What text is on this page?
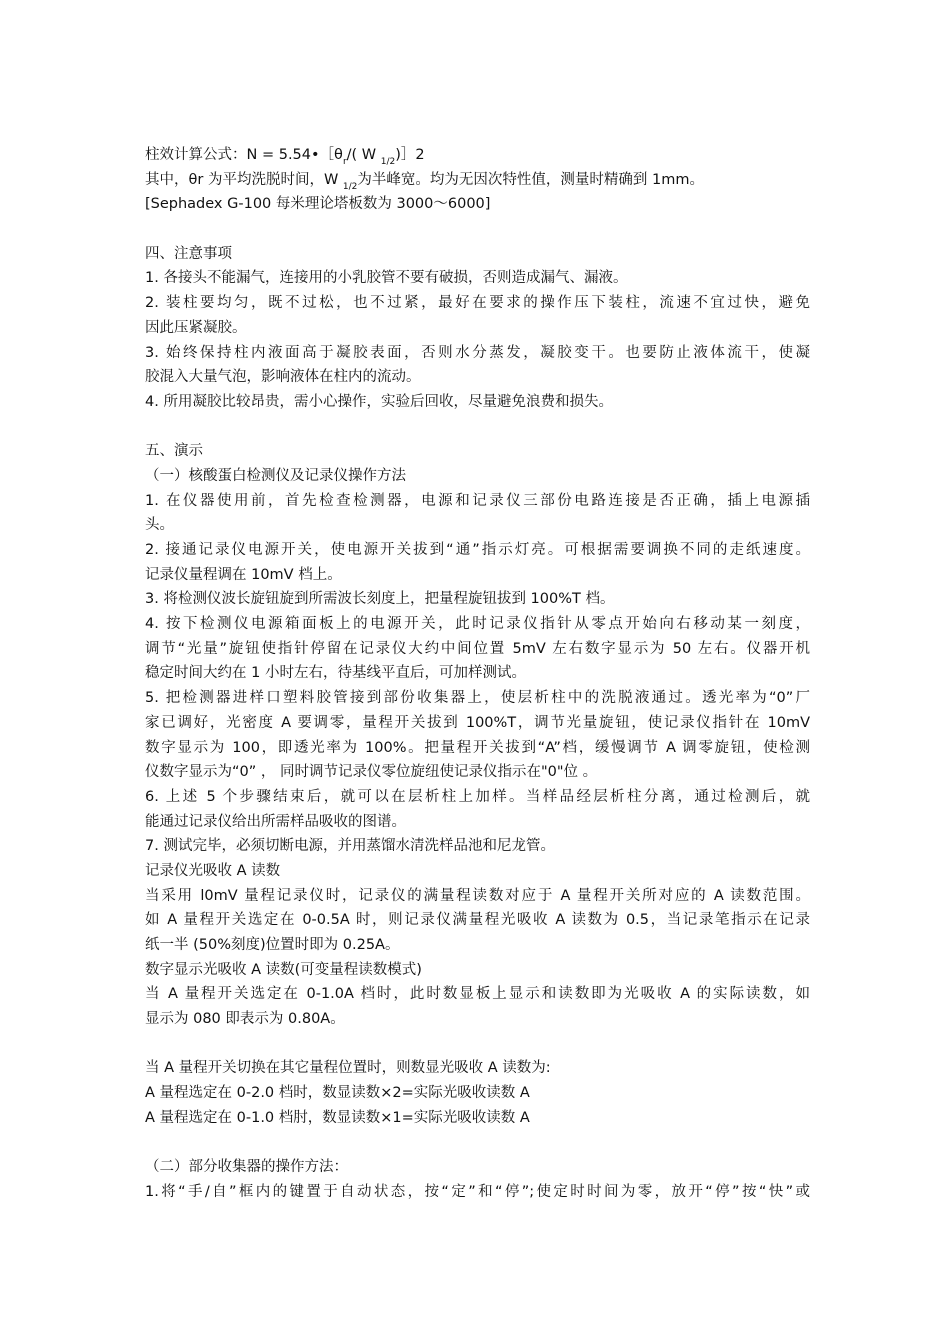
柱效计算公式：$N = 5.54•[\theta_r/$( W $_{1/2}$)］2
其中，θr 为平均洗脱时间，W $_{1/2}$为半峰宽。均为无因次特性值，测量时精确到 1mm。
[Sephadex G-100 每米理论塔板数为 3000～6000]
四、注意事项
1. 各接头不能漏气，连接用的小乳胶管不要有破损，否则造成漏气、漏液。
2. 装柱要均匀，既不过松，也不过紧，最好在要求的操作压下装柱，流速不宜过快，避免
因此压紧凝胶。
3. 始终保持柱内液面高于凝胶表面，否则水分蒸发，凝胶变干。也要防止液体流干，使凝
胶混入大量气泡，影响液体在柱内的流动。
4. 所用凝胶比较昂贵，需小心操作，实验后回收，尽量避免浪费和损失。
五、演示
（一）核酸蛋白检测仪及记录仪操作方法
1. 在仪器使用前，首先检查检测器，电源和记录仪三部份电路连接是否正确，插上电源插
头。
2. 接通记录仪电源开关，使电源开关拔到“通”指示灯亮。可根据需要调换不同的走纸速度。
记录仪量程调在 10mV 档上。
3. 将检测仪波长旋钮旋到所需波长刻度上，把量程旋钮拔到 100%T 档。
4. 按下检测仪电源箱面板上的电源开关，此时记录仪指针从零点开始向右移动某一刻度，
调节“光量”旋钮使指针停留在记录仪大约中间位置 5mV 左右数字显示为 50 左右。仪器开机
稳定时间大约在 1 小时左右，待基线平直后，可加样测试。
5. 把检测器进样口塑料胶管接到部份收集器上，使层析柱中的洗脱液通过。透光率为“0”厂
家已调好，光密度 A 要调零，量程开关拔到 100%T，调节光量旋钮，使记录仪指针在 10mV
数字显示为 100，即透光率为 100%。把量程开关拔到“A”档，缓慢调节 A 调零旋钮，使检测
仪数字显示为“0” ， 同时调节记录仪零位旋纽使记录仪指示在"0"位 。
6. 上述 5 个步骤结束后，就可以在层析柱上加样。当样品经层析柱分离，通过检测后，就
能通过记录仪给出所需样品吸收的图谱。
7. 测试完毕，必须切断电源，并用蒸馏水清洗样品池和尼龙管。
记录仪光吸收 A 读数
当采用 l0mV 量程记录仪时，记录仪的满量程读数对应于 A 量程开关所对应的 A 读数范围。
如 A 量程开关选定在 0-0.5A 时，则记录仪满量程光吸收 A 读数为 0.5，当记录笔指示在记录
纸一半 (50%刻度)位置时即为 0.25A。
数字显示光吸收 A 读数(可变量程读数模式)
当 A 量程开关选定在 0-1.0A 档时，此时数显板上显示和读数即为光吸收 A 的实际读数，如
显示为 080 即表示为 0.80A。
当 A 量程开关切换在其它量程位置时，则数显光吸收 A 读数为:
A 量程选定在 0-2.0 档时，数显读数×2=实际光吸收读数 A
A 量程选定在 0-1.0 档肘，数显读数×1=实际光吸收读数 A
（二）部分收集器的操作方法：
1.将“手/自”框内的键置于自动状态，按“定”和“停”;使定时时间为零，放开“停”按“快”或
